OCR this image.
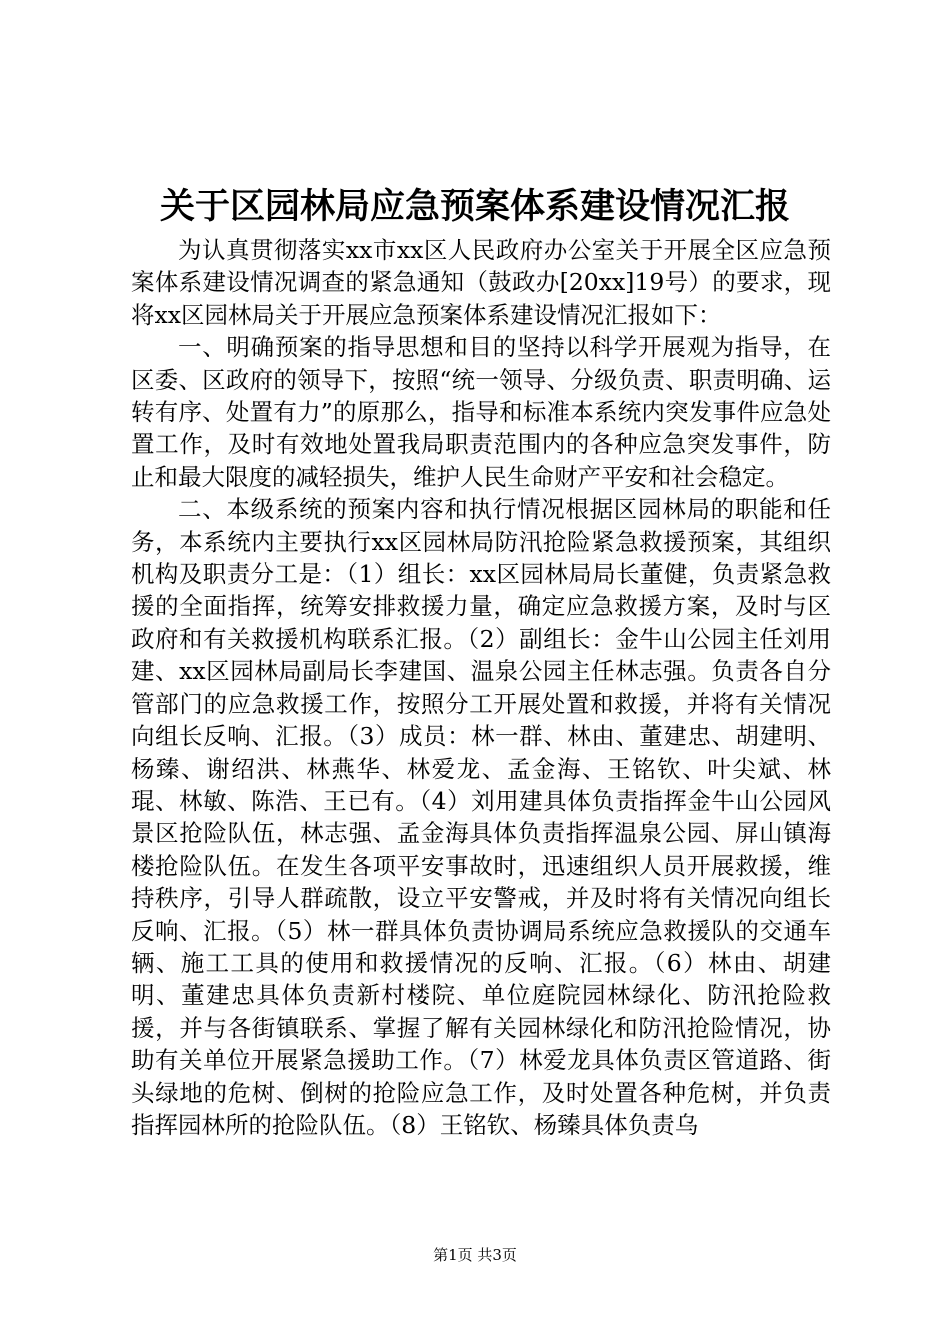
关于区园林局应急预案体系建设情况汇报

为认真贯彻落实xx市xx区人民政府办公室关于开展全区应急预案体系建设情况调查的紧急通知（鼓政办[20xx]19号）的要求，现将xx区园林局关于开展应急预案体系建设情况汇报如下：

一、明确预案的指导思想和目的坚持以科学开展观为指导，在区委、区政府的领导下，按照“统一领导、分级负责、职责明确、运转有序、处置有力”的原那么，指导和标准本系统内突发事件应急处置工作，及时有效地处置我局职责范围内的各种应急突发事件，防止和最大限度的减轻损失，维护人民生命财产平安和社会稳定。

二、本级系统的预案内容和执行情况根据区园林局的职能和任务，本系统内主要执行xx区园林局防汛抢险紧急救援预案，其组织机构及职责分工是：（1）组长：xx区园林局局长董健，负责紧急救援的全面指挥，统筹安排救援力量，确定应急救援方案，及时与区政府和有关救援机构联系汇报。（2）副组长：金牛山公园主任刘用建、xx区园林局副局长李建国、温泉公园主任林志强。负责各自分管部门的应急救援工作，按照分工开展处置和救援，并将有关情况向组长反响、汇报。（3）成员：林一群、林由、董建忠、胡建明、杨臻、谢绍洪、林燕华、林爱龙、孟金海、王铭钦、叶尖斌、林琨、林敏、陈浩、王已有。（4）刘用建具体负责指挥金牛山公园风景区抢险队伍，林志强、孟金海具体负责指挥温泉公园、屏山镇海楼抢险队伍。在发生各项平安事故时，迅速组织人员开展救援，维持秩序，引导人群疏散，设立平安警戒，并及时将有关情况向组长反响、汇报。（5）林一群具体负责协调局系统应急救援队的交通车辆、施工工具的使用和救援情况的反响、汇报。（6）林由、胡建明、董建忠具体负责新村楼院、单位庭院园林绿化、防汛抢险救援，并与各街镇联系、掌握了解有关园林绿化和防汛抢险情况，协助有关单位开展紧急援助工作。（7）林爱龙具体负责区管道路、街头绿地的危树、倒树的抢险应急工作，及时处置各种危树，并负责指挥园林所的抢险队伍。（8）王铭钦、杨臻具体负责乌

第1页 共3页
